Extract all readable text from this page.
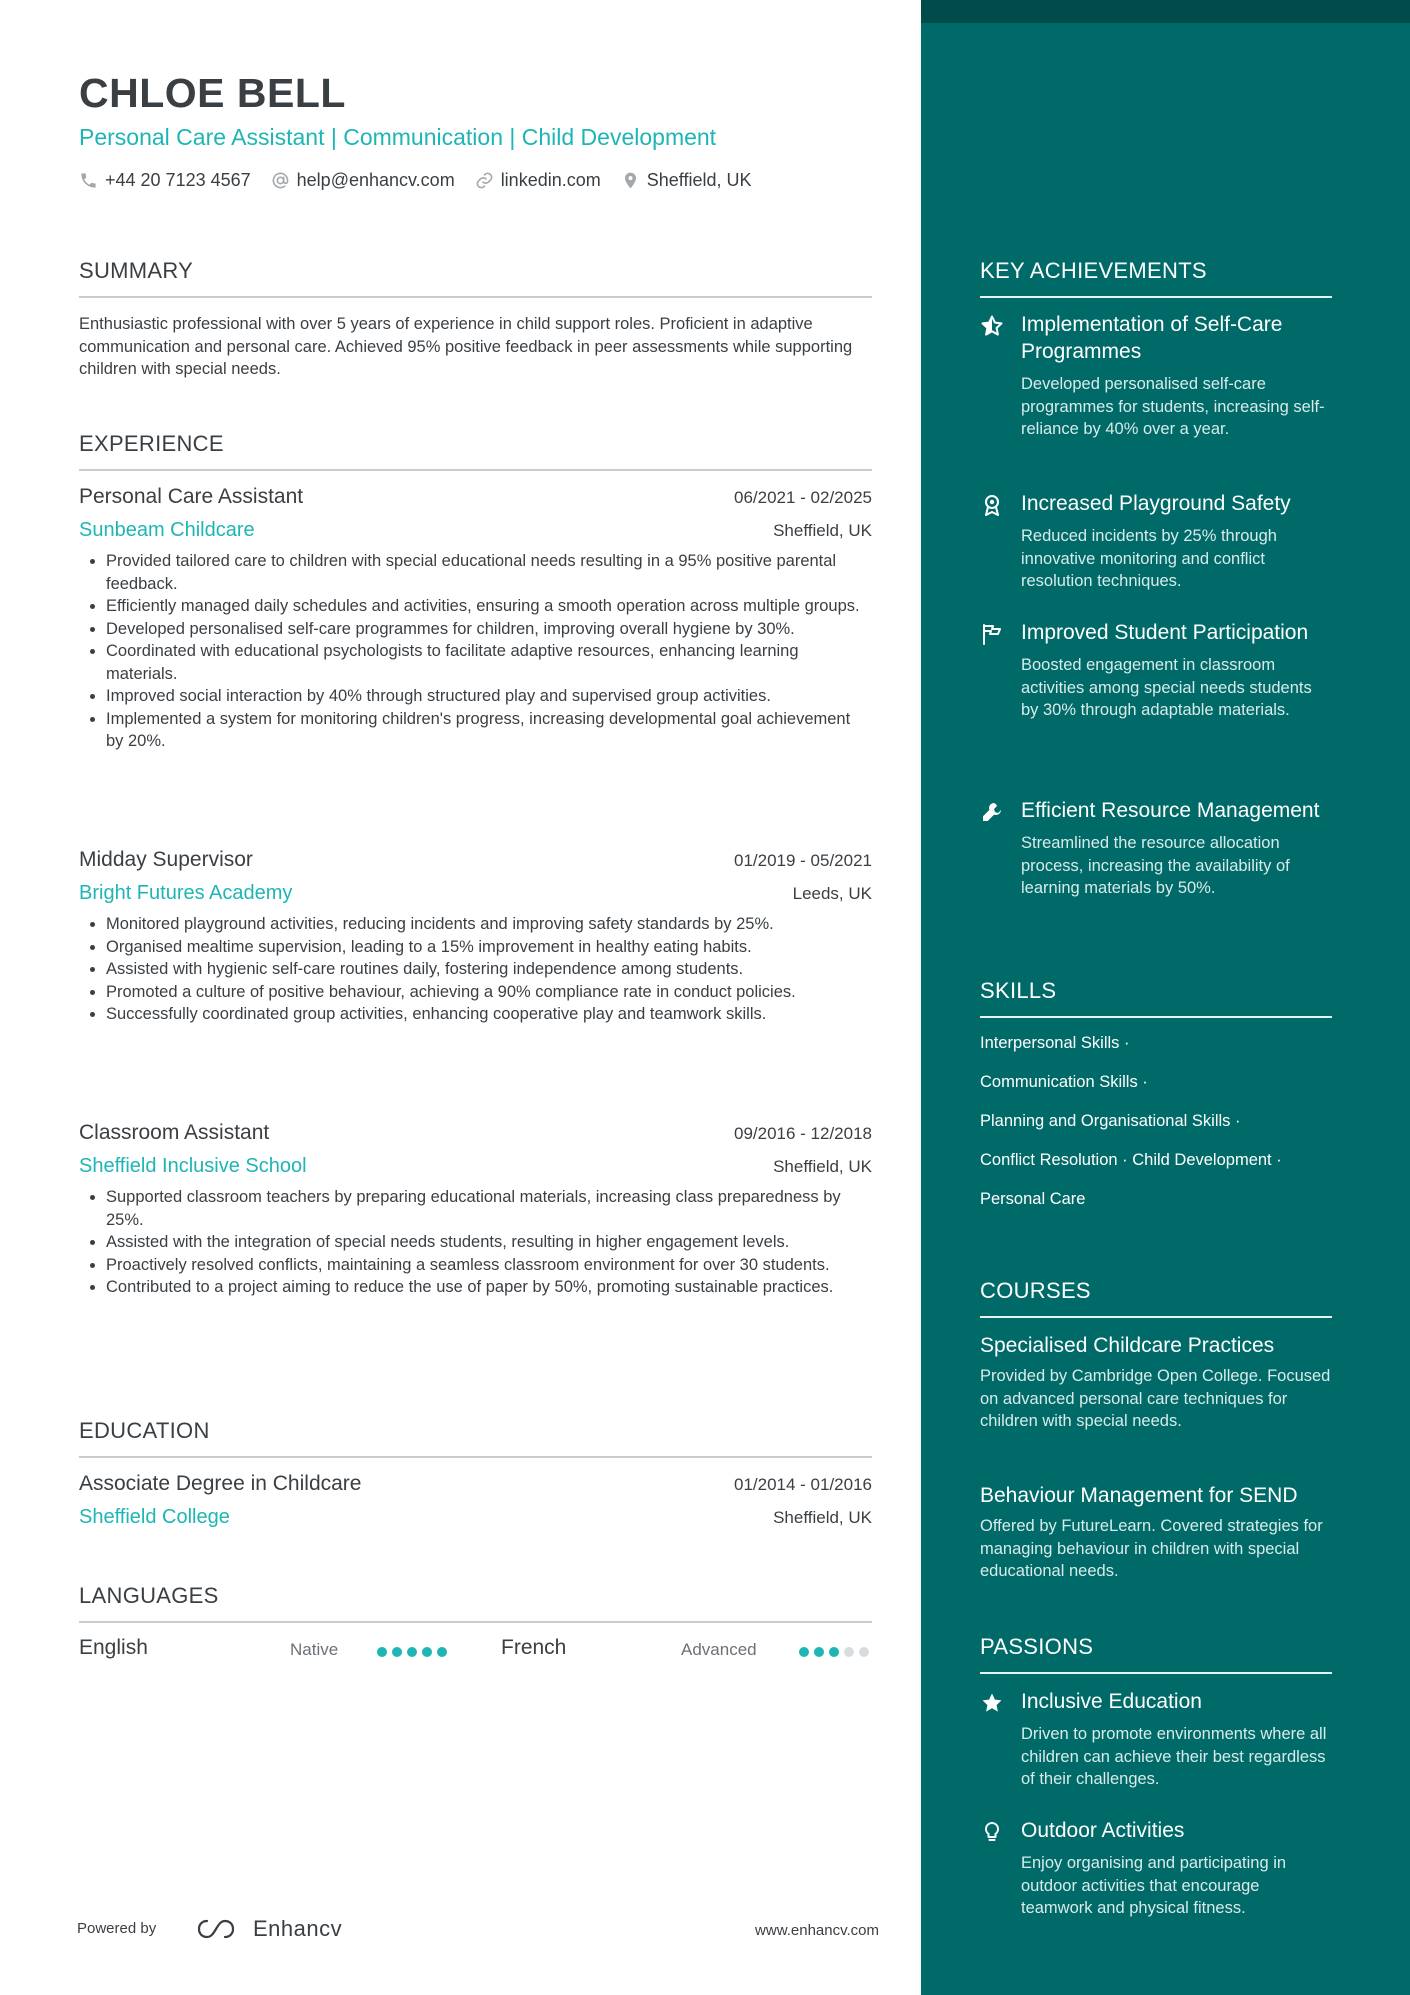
CHLOE BELL
Personal Care Assistant | Communication | Child Development
+44 20 7123 4567	help@enhancv.com	linkedin.com	Sheffield, UK
SUMMARY
Enthusiastic professional with over 5 years of experience in child support roles. Proficient in adaptive communication and personal care. Achieved 95% positive feedback in peer assessments while supporting children with special needs.
EXPERIENCE
Personal Care Assistant	06/2021 - 02/2025
Sunbeam Childcare	Sheffield, UK
• Provided tailored care to children with special educational needs resulting in a 95% positive parental feedback.
• Efficiently managed daily schedules and activities, ensuring a smooth operation across multiple groups.
• Developed personalised self-care programmes for children, improving overall hygiene by 30%.
• Coordinated with educational psychologists to facilitate adaptive resources, enhancing learning materials.
• Improved social interaction by 40% through structured play and supervised group activities.
• Implemented a system for monitoring children's progress, increasing developmental goal achievement by 20%.
Midday Supervisor	01/2019 - 05/2021
Bright Futures Academy	Leeds, UK
• Monitored playground activities, reducing incidents and improving safety standards by 25%.
• Organised mealtime supervision, leading to a 15% improvement in healthy eating habits.
• Assisted with hygienic self-care routines daily, fostering independence among students.
• Promoted a culture of positive behaviour, achieving a 90% compliance rate in conduct policies.
• Successfully coordinated group activities, enhancing cooperative play and teamwork skills.
Classroom Assistant	09/2016 - 12/2018
Sheffield Inclusive School	Sheffield, UK
• Supported classroom teachers by preparing educational materials, increasing class preparedness by 25%.
• Assisted with the integration of special needs students, resulting in higher engagement levels.
• Proactively resolved conflicts, maintaining a seamless classroom environment for over 30 students.
• Contributed to a project aiming to reduce the use of paper by 50%, promoting sustainable practices.
EDUCATION
Associate Degree in Childcare	01/2014 - 01/2016
Sheffield College	Sheffield, UK
LANGUAGES
English	Native	French	Advanced
Powered by	Enhancv	www.enhancv.com
KEY ACHIEVEMENTS
Implementation of Self-Care Programmes
Developed personalised self-care programmes for students, increasing self-reliance by 40% over a year.
Increased Playground Safety
Reduced incidents by 25% through innovative monitoring and conflict resolution techniques.
Improved Student Participation
Boosted engagement in classroom activities among special needs students by 30% through adaptable materials.
Efficient Resource Management
Streamlined the resource allocation process, increasing the availability of learning materials by 50%.
SKILLS
Interpersonal Skills ·
Communication Skills ·
Planning and Organisational Skills ·
Conflict Resolution · Child Development ·
Personal Care
COURSES
Specialised Childcare Practices
Provided by Cambridge Open College. Focused on advanced personal care techniques for children with special needs.
Behaviour Management for SEND
Offered by FutureLearn. Covered strategies for managing behaviour in children with special educational needs.
PASSIONS
Inclusive Education
Driven to promote environments where all children can achieve their best regardless of their challenges.
Outdoor Activities
Enjoy organising and participating in outdoor activities that encourage teamwork and physical fitness.
